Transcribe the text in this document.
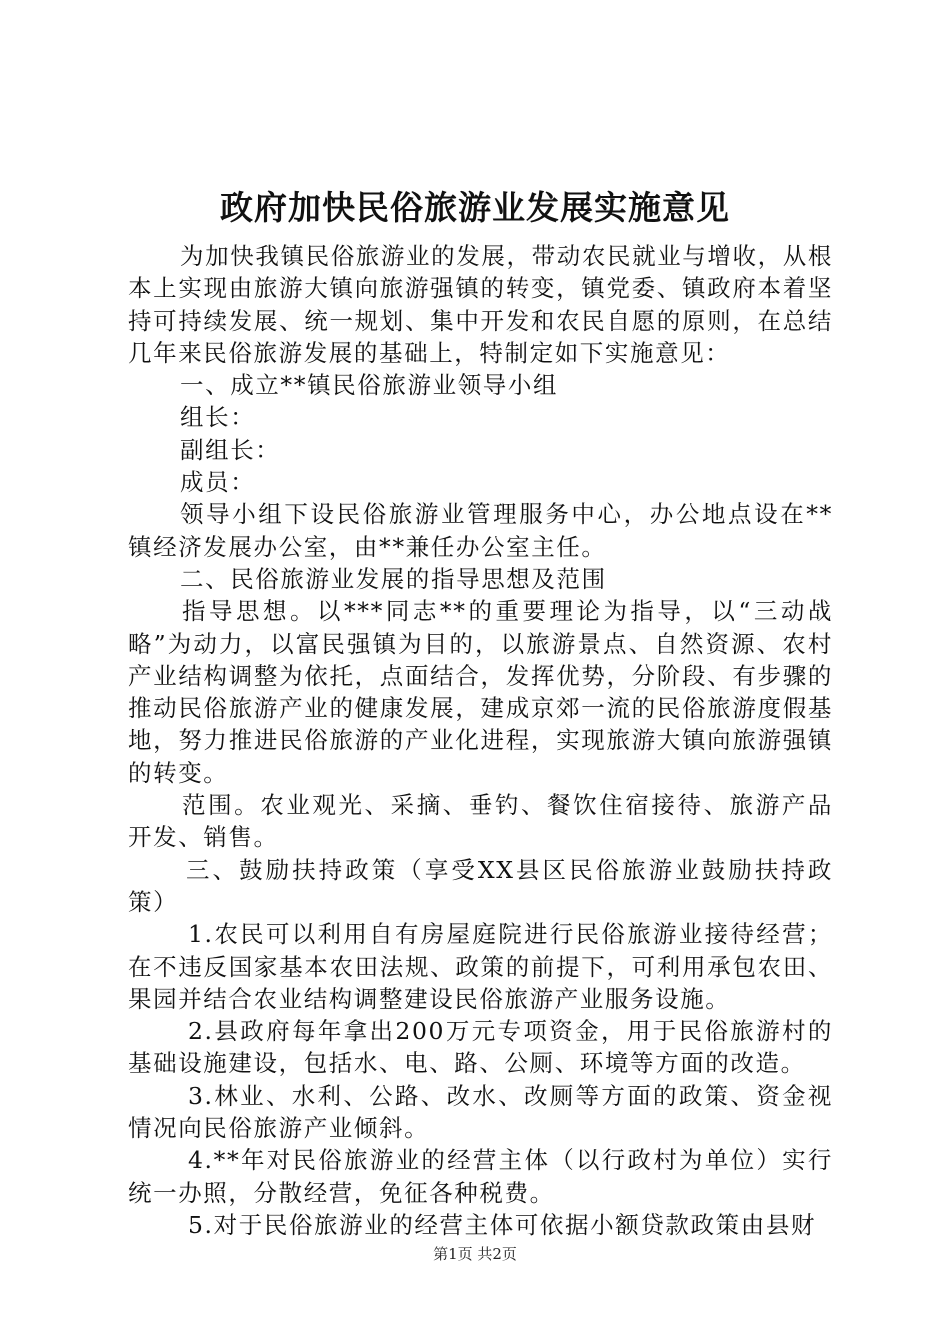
政府加快民俗旅游业发展实施意见

为加快我镇民俗旅游业的发展，带动农民就业与增收，从根本上实现由旅游大镇向旅游强镇的转变，镇党委、镇政府本着坚持可持续发展、统一规划、集中开发和农民自愿的原则，在总结几年来民俗旅游发展的基础上，特制定如下实施意见：

一、成立**镇民俗旅游业领导小组

组长：

副组长：

成员：

领导小组下设民俗旅游业管理服务中心，办公地点设在**镇经济发展办公室，由**兼任办公室主任。

二、民俗旅游业发展的指导思想及范围

指导思想。以***同志**的重要理论为指导，以“三动战略”为动力，以富民强镇为目的，以旅游景点、自然资源、农村产业结构调整为依托，点面结合，发挥优势，分阶段、有步骤的推动民俗旅游产业的健康发展，建成京郊一流的民俗旅游度假基地，努力推进民俗旅游的产业化进程，实现旅游大镇向旅游强镇的转变。

范围。农业观光、采摘、垂钓、餐饮住宿接待、旅游产品开发、销售。

三、鼓励扶持政策（享受XX县区民俗旅游业鼓励扶持政策）

1.农民可以利用自有房屋庭院进行民俗旅游业接待经营；在不违反国家基本农田法规、政策的前提下，可利用承包农田、果园并结合农业结构调整建设民俗旅游产业服务设施。

2.县政府每年拿出200万元专项资金，用于民俗旅游村的基础设施建设，包括水、电、路、公厕、环境等方面的改造。

3.林业、水利、公路、改水、改厕等方面的政策、资金视情况向民俗旅游产业倾斜。

4.**年对民俗旅游业的经营主体（以行政村为单位）实行统一办照，分散经营，免征各种税费。

5.对于民俗旅游业的经营主体可依据小额贷款政策由县财

第1页 共2页
